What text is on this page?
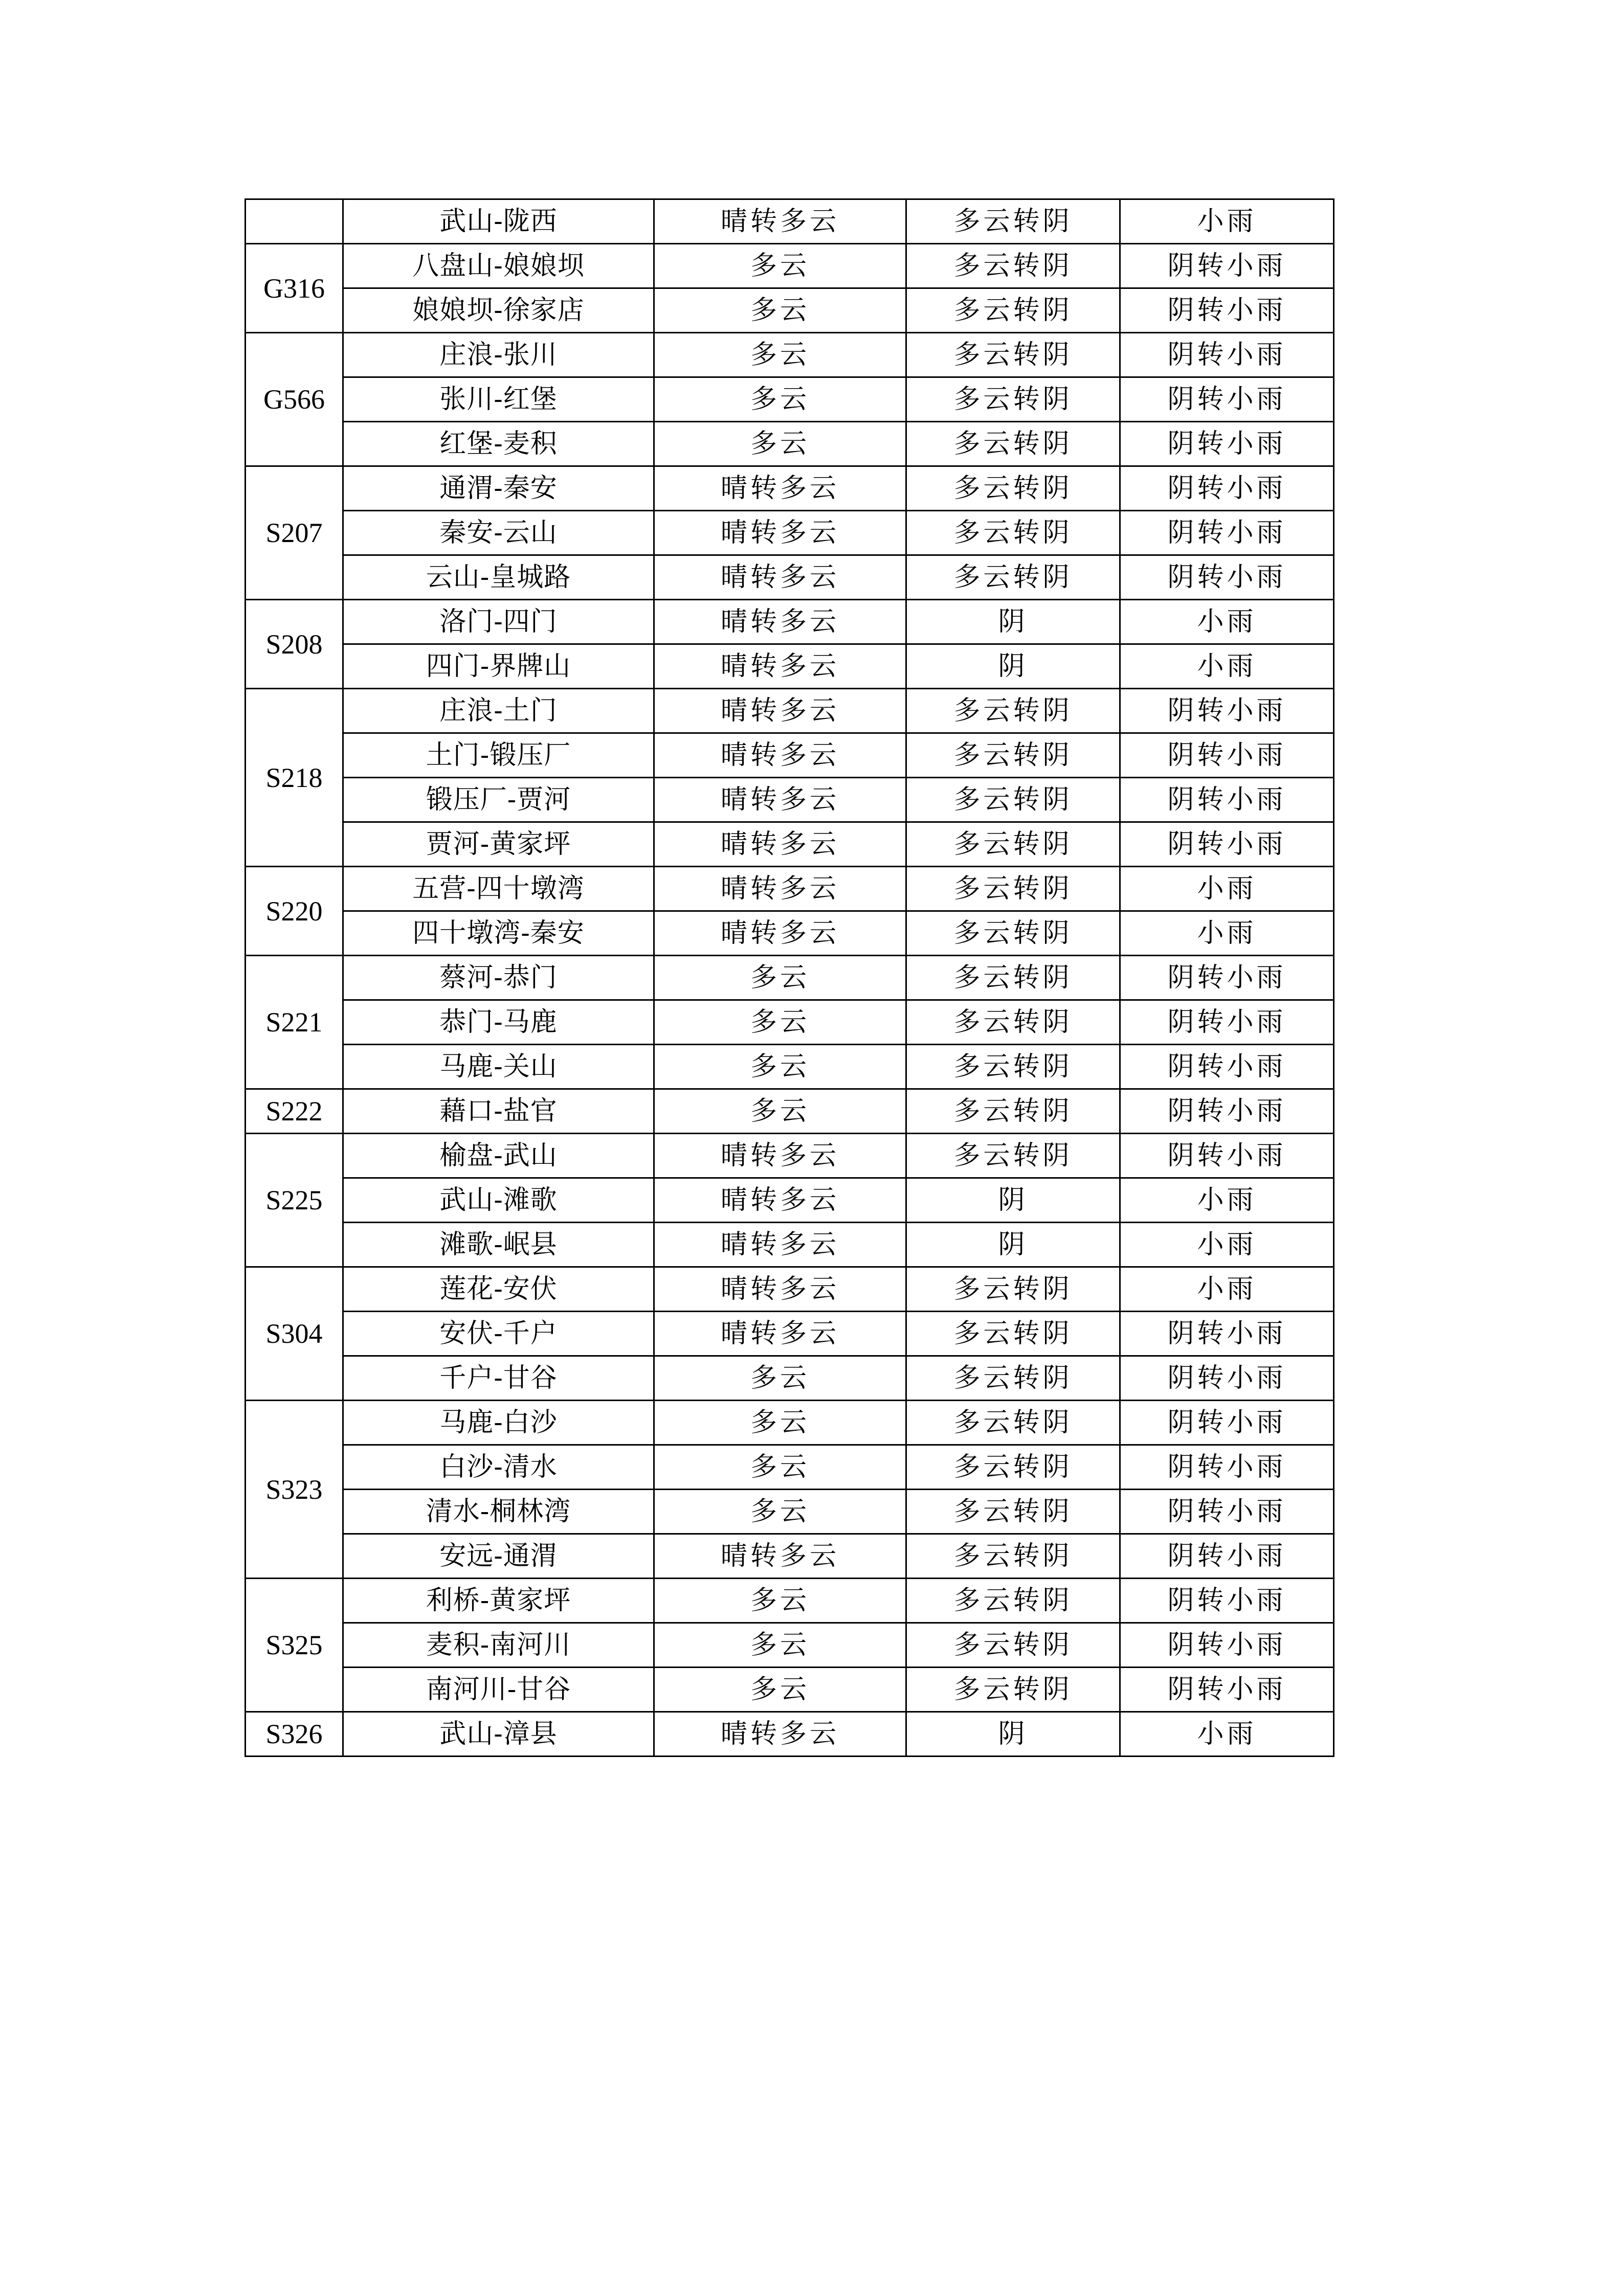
	武山-陇西	晴转多云	多云转阴	小雨
G316	八盘山-娘娘坝	多云	多云转阴	阴转小雨
	娘娘坝-徐家店	多云	多云转阴	阴转小雨
G566	庄浪-张川	多云	多云转阴	阴转小雨
	张川-红堡	多云	多云转阴	阴转小雨
	红堡-麦积	多云	多云转阴	阴转小雨
S207	通渭-秦安	晴转多云	多云转阴	阴转小雨
	秦安-云山	晴转多云	多云转阴	阴转小雨
	云山-皇城路	晴转多云	多云转阴	阴转小雨
S208	洛门-四门	晴转多云	阴	小雨
	四门-界牌山	晴转多云	阴	小雨
S218	庄浪-土门	晴转多云	多云转阴	阴转小雨
	土门-锻压厂	晴转多云	多云转阴	阴转小雨
	锻压厂-贾河	晴转多云	多云转阴	阴转小雨
	贾河-黄家坪	晴转多云	多云转阴	阴转小雨
S220	五营-四十墩湾	晴转多云	多云转阴	小雨
	四十墩湾-秦安	晴转多云	多云转阴	小雨
S221	蔡河-恭门	多云	多云转阴	阴转小雨
	恭门-马鹿	多云	多云转阴	阴转小雨
	马鹿-关山	多云	多云转阴	阴转小雨
S222	藉口-盐官	多云	多云转阴	阴转小雨
S225	榆盘-武山	晴转多云	多云转阴	阴转小雨
	武山-滩歌	晴转多云	阴	小雨
	滩歌-岷县	晴转多云	阴	小雨
S304	莲花-安伏	晴转多云	多云转阴	小雨
	安伏-千户	晴转多云	多云转阴	阴转小雨
	千户-甘谷	多云	多云转阴	阴转小雨
S323	马鹿-白沙	多云	多云转阴	阴转小雨
	白沙-清水	多云	多云转阴	阴转小雨
	清水-桐林湾	多云	多云转阴	阴转小雨
	安远-通渭	晴转多云	多云转阴	阴转小雨
S325	利桥-黄家坪	多云	多云转阴	阴转小雨
	麦积-南河川	多云	多云转阴	阴转小雨
	南河川-甘谷	多云	多云转阴	阴转小雨
S326	武山-漳县	晴转多云	阴	小雨
